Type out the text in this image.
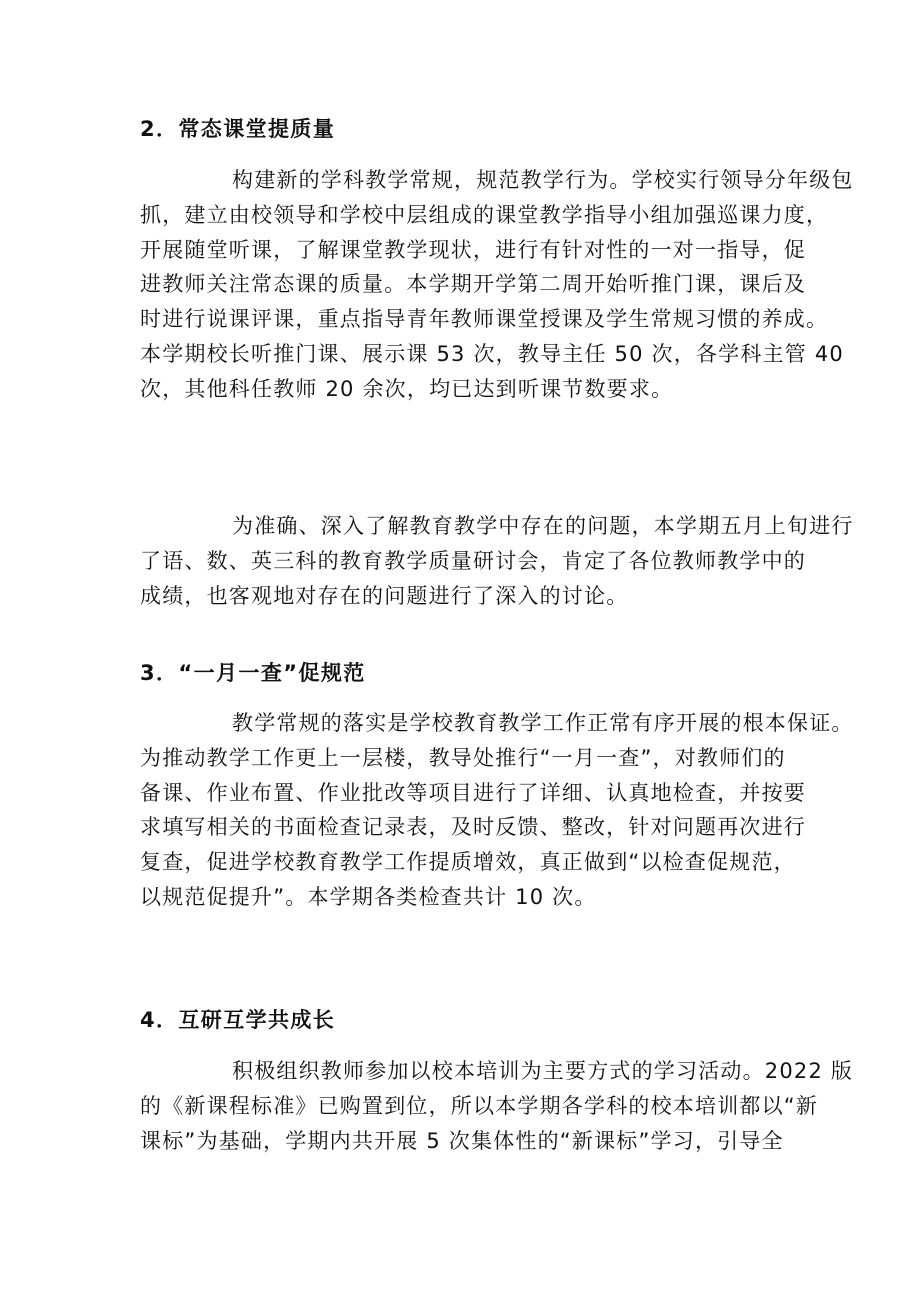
2．常态课堂提质量
构建新的学科教学常规，规范教学行为。学校实行领导分年级包
抓，建立由校领导和学校中层组成的课堂教学指导小组加强巡课力度，
开展随堂听课，了解课堂教学现状，进行有针对性的一对一指导，促
进教师关注常态课的质量。本学期开学第二周开始听推门课，课后及
时进行说课评课，重点指导青年教师课堂授课及学生常规习惯的养成。
本学期校长听推门课、展示课 53 次，教导主任 50 次，各学科主管 40
次，其他科任教师 20 余次，均已达到听课节数要求。
为准确、深入了解教育教学中存在的问题，本学期五月上旬进行
了语、数、英三科的教育教学质量研讨会，肯定了各位教师教学中的
成绩，也客观地对存在的问题进行了深入的讨论。
3．“一月一查”促规范
教学常规的落实是学校教育教学工作正常有序开展的根本保证。
为推动教学工作更上一层楼，教导处推行“一月一查”，对教师们的
备课、作业布置、作业批改等项目进行了详细、认真地检查，并按要
求填写相关的书面检查记录表，及时反馈、整改，针对问题再次进行
复查，促进学校教育教学工作提质增效，真正做到“以检查促规范，
以规范促提升”。本学期各类检查共计 10 次。
4．互研互学共成长
积极组织教师参加以校本培训为主要方式的学习活动。2022 版
的《新课程标准》已购置到位，所以本学期各学科的校本培训都以“新
课标”为基础，学期内共开展 5 次集体性的“新课标”学习，引导全
